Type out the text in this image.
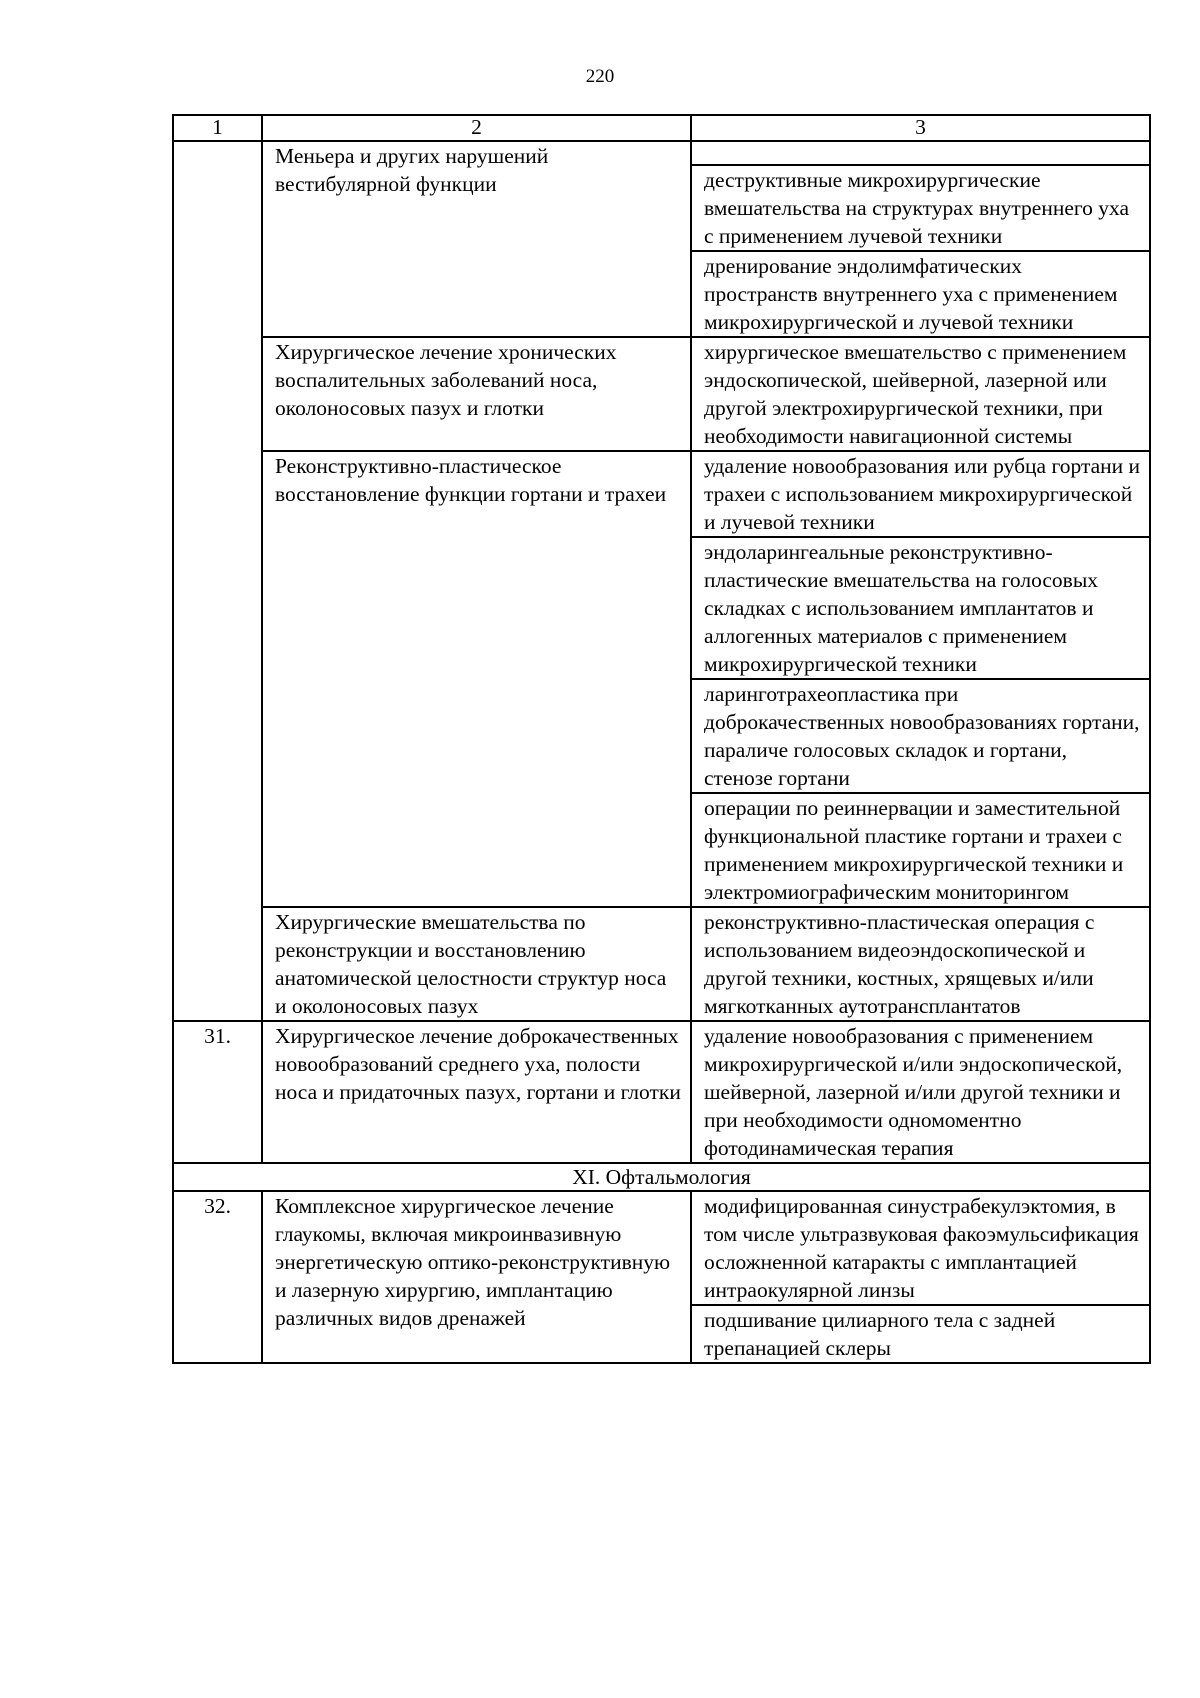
220
1	2	3
	Меньера и других нарушений вестибулярной функции	
		деструктивные микрохирургические вмешательства на структурах внутреннего уха с применением лучевой техники
		дренирование эндолимфатических пространств внутреннего уха с применением микрохирургической и лучевой техники
	Хирургическое лечение хронических воспалительных заболеваний носа, околоносовых пазух и глотки	хирургическое вмешательство с применением эндоскопической, шейверной, лазерной или другой электрохирургической техники, при необходимости навигационной системы
	Реконструктивно-пластическое восстановление функции гортани и трахеи	удаление новообразования или рубца гортани и трахеи с использованием микрохирургической и лучевой техники
		эндоларингеальные реконструктивно-пластические вмешательства на голосовых складках с использованием имплантатов и аллогенных материалов с применением микрохирургической техники
		ларинготрахеопластика при доброкачественных новообразованиях гортани, параличе голосовых складок и гортани, стенозе гортани
		операции по реиннервации и заместительной функциональной пластике гортани и трахеи с применением микрохирургической техники и электромиографическим мониторингом
	Хирургические вмешательства по реконструкции и восстановлению анатомической целостности структур носа и околоносовых пазух	реконструктивно-пластическая операция с использованием видеоэндоскопической и другой техники, костных, хрящевых и/или мягкотканных аутотрансплантатов
31.	Хирургическое лечение доброкачественных новообразований среднего уха, полости носа и придаточных пазух, гортани и глотки	удаление новообразования с применением микрохирургической и/или эндоскопической, шейверной, лазерной и/или другой техники и при необходимости одномоментно фотодинамическая терапия
XI. Офтальмология		
32.	Комплексное хирургическое лечение глаукомы, включая микроинвазивную энергетическую оптико-реконструктивную и лазерную хирургию, имплантацию различных видов дренажей	модифицированная синустрабекулэктомия, в том числе ультразвуковая факоэмульсификация осложненной катаракты с имплантацией интраокулярной линзы
		подшивание цилиарного тела с задней трепанацией склеры
